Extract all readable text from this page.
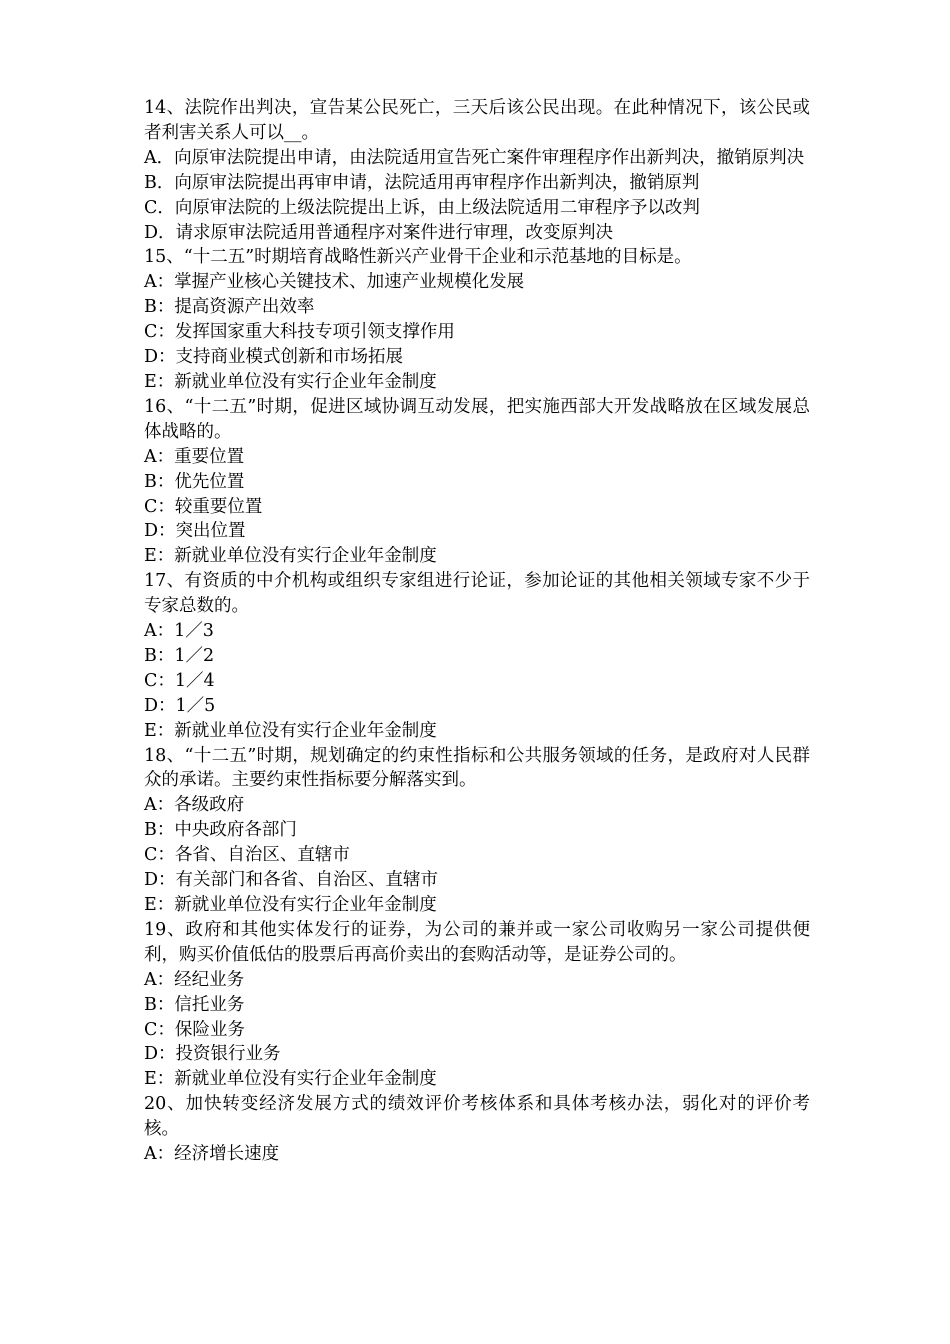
14、法院作出判决，宣告某公民死亡，三天后该公民出现。在此种情况下，该公民或者利害关系人可以__。

A．向原审法院提出申请，由法院适用宣告死亡案件审理程序作出新判决，撤销原判决

B．向原审法院提出再审申请，法院适用再审程序作出新判决，撤销原判

C．向原审法院的上级法院提出上诉，由上级法院适用二审程序予以改判

D．请求原审法院适用普通程序对案件进行审理，改变原判决

15、“十二五”时期培育战略性新兴产业骨干企业和示范基地的目标是。

A：掌握产业核心关键技术、加速产业规模化发展

B：提高资源产出效率

C：发挥国家重大科技专项引领支撑作用

D：支持商业模式创新和市场拓展

E：新就业单位没有实行企业年金制度

16、“十二五”时期，促进区域协调互动发展，把实施西部大开发战略放在区域发展总体战略的。

A：重要位置

B：优先位置

C：较重要位置

D：突出位置

E：新就业单位没有实行企业年金制度

17、有资质的中介机构或组织专家组进行论证，参加论证的其他相关领域专家不少于专家总数的。

A：1／3

B：1／2

C：1／4

D：1／5

E：新就业单位没有实行企业年金制度

18、“十二五”时期，规划确定的约束性指标和公共服务领域的任务，是政府对人民群众的承诺。主要约束性指标要分解落实到。

A：各级政府

B：中央政府各部门

C：各省、自治区、直辖市

D：有关部门和各省、自治区、直辖市

E：新就业单位没有实行企业年金制度

19、政府和其他实体发行的证券，为公司的兼并或一家公司收购另一家公司提供便利，购买价值低估的股票后再高价卖出的套购活动等，是证券公司的。

A：经纪业务

B：信托业务

C：保险业务

D：投资银行业务

E：新就业单位没有实行企业年金制度

20、加快转变经济发展方式的绩效评价考核体系和具体考核办法，弱化对的评价考核。

A：经济增长速度
